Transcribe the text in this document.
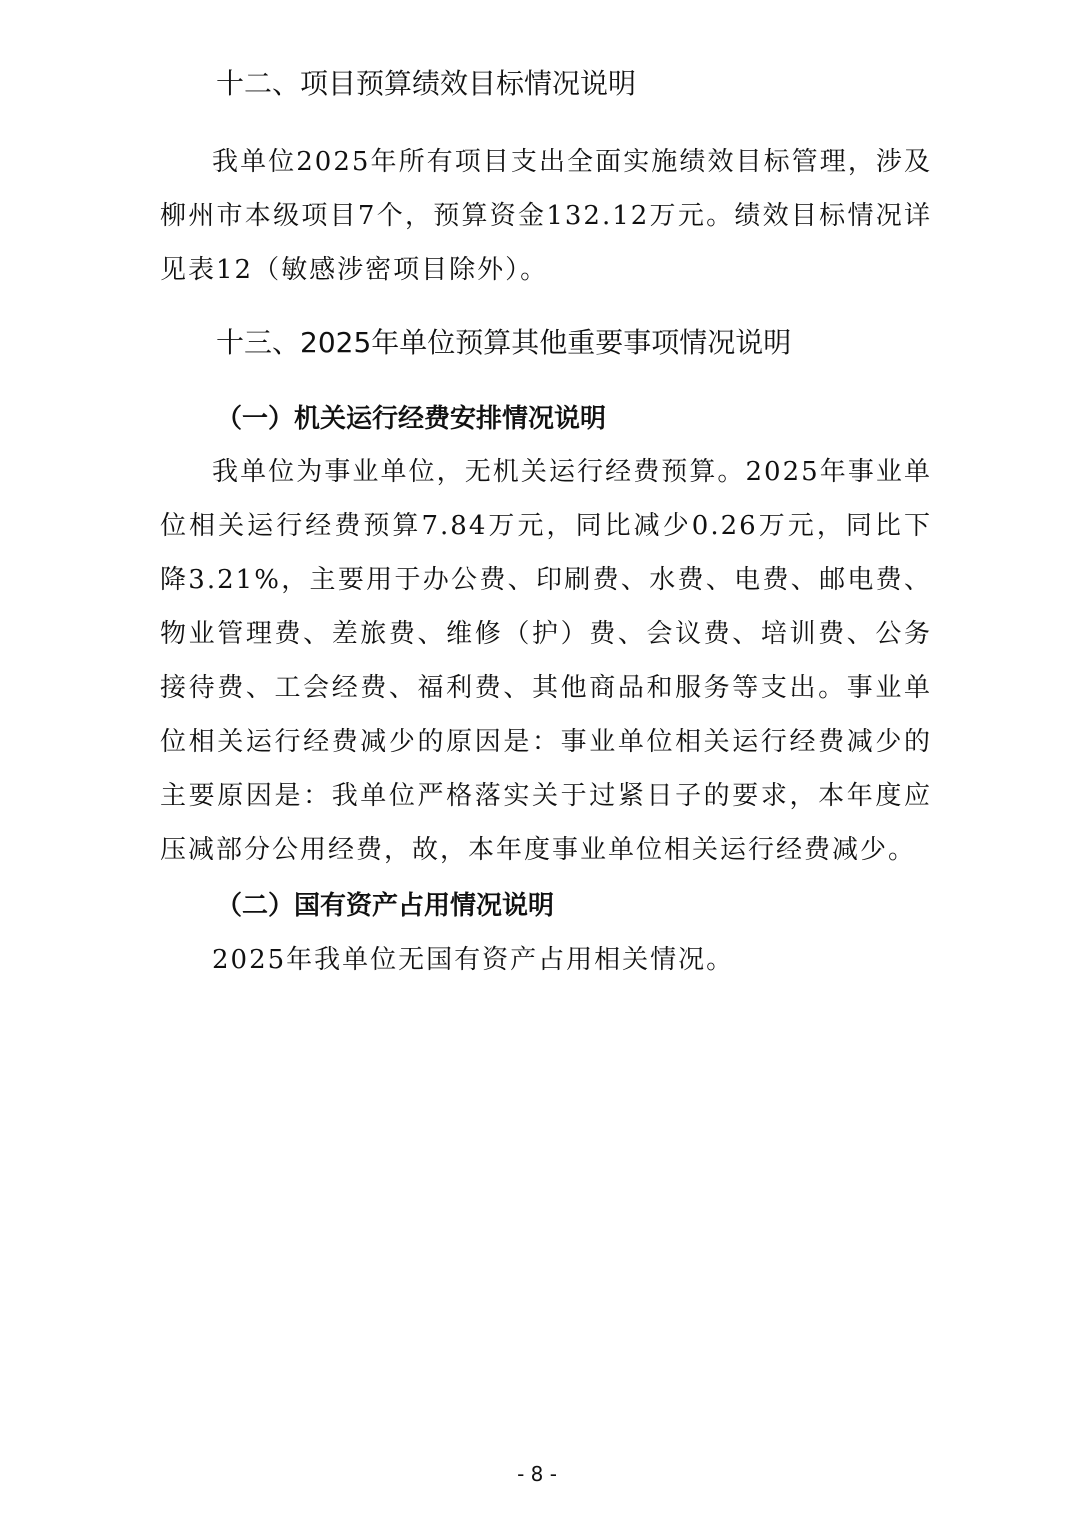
十二、项目预算绩效目标情况说明
我单位2025年所有项目支出全面实施绩效目标管理，涉及柳州市本级项目7个，预算资金132.12万元。绩效目标情况详见表12（敏感涉密项目除外）。
十三、2025年单位预算其他重要事项情况说明
（一）机关运行经费安排情况说明
我单位为事业单位，无机关运行经费预算。2025年事业单位相关运行经费预算7.84万元，同比减少0.26万元，同比下降3.21%，主要用于办公费、印刷费、水费、电费、邮电费、物业管理费、差旅费、维修（护）费、会议费、培训费、公务接待费、工会经费、福利费、其他商品和服务等支出。事业单位相关运行经费减少的原因是：事业单位相关运行经费减少的主要原因是：我单位严格落实关于过紧日子的要求，本年度应压减部分公用经费，故，本年度事业单位相关运行经费减少。
（二）国有资产占用情况说明
2025年我单位无国有资产占用相关情况。
- 8 -
